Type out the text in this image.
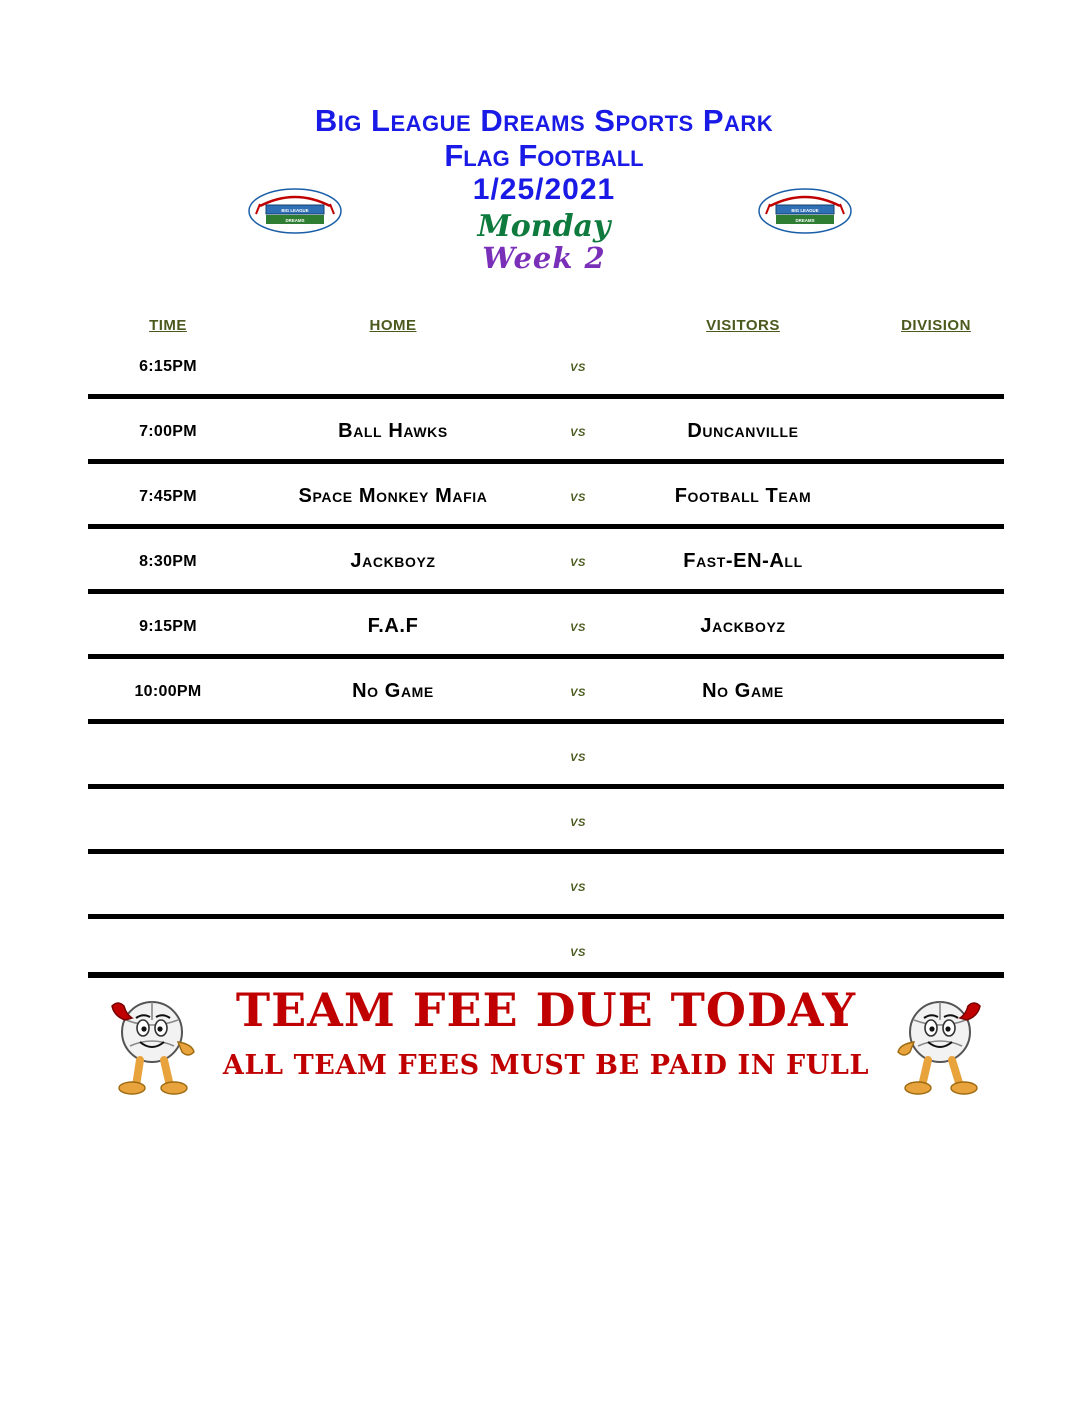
BIG LEAGUE
DREAMS
BIG LEAGUE
DREAMS
Big League Dreams Sports Park
Flag Football
1/25/2021
Monday
Week 2
TIME	HOME	VISITORS	DIVISION
6:15PM	vs
7:00PM	Ball Hawks	vs	Duncanville
7:45PM	Space Monkey Mafia	vs	Football Team
8:30PM	Jackboyz	vs	Fast-EN-All
9:15PM	F.A.F	vs	Jackboyz
10:00PM	No Game	vs	No Game
vs
vs
vs
vs
TEAM FEE DUE TODAY
ALL TEAM FEES MUST BE PAID IN FULL
